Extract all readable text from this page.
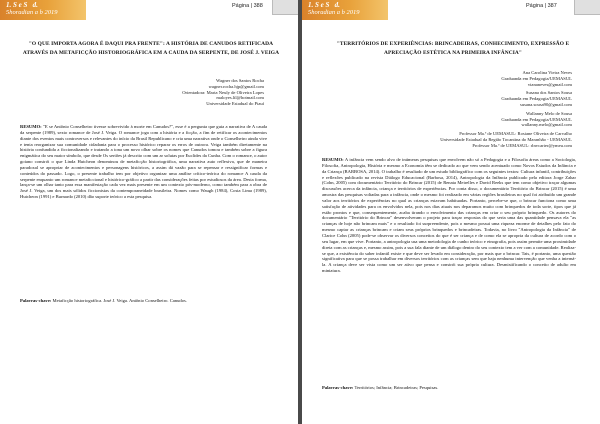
1. S e S   d.
5horadian a b 2019
Página | 388
"O QUE IMPORTA AGORA É DAQUI PRA FRENTE": A HISTÓRIA DE CANUDOS RETIFICADA ATRAVÉS DA METAFICÇÃO HISTORIOGRÁFICA EM A CAUDA DA SERPENTE, DE JOSÉ J. VEIGA
Wagner dos Santos Rocha
wagner.rocha.hjp@gmail.com
Orientadora: Maria Neuly de Oliveira Lopes
maloyes.lil@hotmail.com
Universidade Estadual do Piauí
RESUMO: "E se Antônio Conselheiro tivesse sobrevivido à morte em Canudos?", esse é a pergunta que guia a narrativa de A cauda da serpente (1989), sexto romance de José J. Veiga. O romance joga com a história e a ficção, a fim de retificar os acontecimentos diante dos eventos mais controversos e relevantes do início da Brasil Republicano e cria uma narrativa onde o Conselheiro ainda vive e tenta reorganizar sua comunidade cidadania para o processo histórico reparar os erros de outrora. Veiga também diretamente na história confundida a ficcionalizando e tratando a tona um novo olhar sobre os nomes que Canudos tomou e também sobre a figura enigmática do seu maior símbolo, que desde Os sertões já descrito com um ar solutas por Euclides da Cunha. Com o romance, o autor goiano constrói o que Linda Hutcheon denominou de metaficção historiográfica, uma narrativa auto reflexiva, que de maneira paradoxal se apropriar de acontecimentos e personagens históricos, a assim dá vazão para se repensar e ressignificar formas e conteúdos do passado. Logo, o presente trabalho tem por objetivo organizar uma análise crítico-teórica do romance A cauda da serpente enquanto um romance metaficcional e histórico-gráfico a partir das considerações feitas por estudiosos da área. Desta forma, lança-se um olhar tanto para essa manifestação cada vez mais presente em um contexto pós-moderno, como também para a obra de José J. Veiga, um dos mais sólidos ficcionistas da contemporaneidade brasileira. Nomes como Waugh (1984), Costa Lima (1989), Hutcheon (1991) e Burnardo (2010) dão suporte teórico a esta pesquisa.
Palavras-chave: Metaficção historiográfica. José J. Veiga. Antônio Conselheiro. Canudos.
1. S e S   d.
5horadian a b 2019
Página | 387
"TERRITÓRIOS DE EXPERIÊNCIAS: BRINCADEIRAS, CONHECIMENTO, EXPRESSÃO E APRECIAÇÃO ESTÉTICA NA PRIMEIRA INFÂNCIA"
Ana Carolina Vieira Neves
Graduanda em Pedagogia/UEMASUL
viananeves@gmail.com
Susana dos Santos Sousa
Graduanda em Pedagogia/UEMASUL
susana.sousa90@gmail.com
Wallanny Melo de Sousa
Graduanda em Pedagogia/UEMASUL
wallanny.melo@gmail.com
Professor Ma.ª de UEMASUL: Rosiane Oliveira de Carvalho
Universidade Estadual da Região Tocantina do Maranhão - UEMASUL
Professor Ma.ª de UEMASUL: rlnvcarter@ymeu.com
RESUMO: A infância vem sendo alvo de inúmeras pesquisas que envolvem não só a Pedagogia e a Filosofia áreas como a Sociologia, Filosofia, Antropologia, História e mesmo a Economia têm se dedicado ao que vem sendo acentuado como Novos Estudos da Infância e da Criança (BARBOSA, 2014). O trabalho é resultado de um estudo bibliográfico com os seguintes textos: Cultura infantil, contribuições e reflexões publicado na revista Diálogo Educacional (Barbosa, 2014), Antropologia da Infância publicado pela editora Jorge Zahar (Cohn, 2005) com documentário Território do Brincar (2015) de Renata Meirelles e David Reeks que tem como objetivo traçar algumas discussões acerca da infância, criança e territórios de experiências. Por conta disso, o documentário Território do Brincar (2015) é uma amostra das pesquisas voltadas para a infância, onde o mesmo foi realizado em várias regiões brasileiras no qual foi atribuído um grande valor aos territórios de experiências no qual as crianças estavam habituadas. Portanto, percebe-se que, o brincar funciona como uma satisfação de atividades para os envolvidos nela, pois nos dias atuais nos deparamos muito com brinquedos de toda sorte, tipos que já estão prontos e que, consequentemente, acaba tirando o envolvimento das crianças em criar o seu próprio brinquedo. Os autores do documentário "Território do Brincar" desenvolveram o projeto para traçar respostas do que seria uma das quantidade pensava ela "as crianças de hoje não brincam mais" e o resultado foi surpreendente, pois o mesmo possui uma riqueza enorme de detalhes pelo fato do mesmo captar as crianças brincam e criam seus próprios brinquedos e brincadeiras. Todavia, no livro "Antropologia da Infância" de Clarice Cohn (2005) pode-se observar os diversos conceitos do que é ser criança e de como ela se apropria da cultura de acordo com o seu lugar, em que vive. Portanto, a antropologia usa uma metodologia de cunho teórico e etnografia, pois assim permite uma proximidade direta com as crianças e, mesmo assim, pois a sua fala diante de um diálogo dentro do seu contexto tem a ver com a comunidade. Realiza-se que, a existência do saber infantil existe e que deve ser levado em consideração, por mais que o brincar. Tais, é portanto, uma questão significativa para que se possa trabalhar em diversos territórios com as crianças sem que haja nenhuma intervenção que venha a interná-la. A criança deve ser vista como um ser ativo que pensa e constrói sua própria cultura. Desmistificando o conceito de adulto em miniatura.
Palavras-chave: Territórios; Infância; Brincadeiras; Pesquisas.
